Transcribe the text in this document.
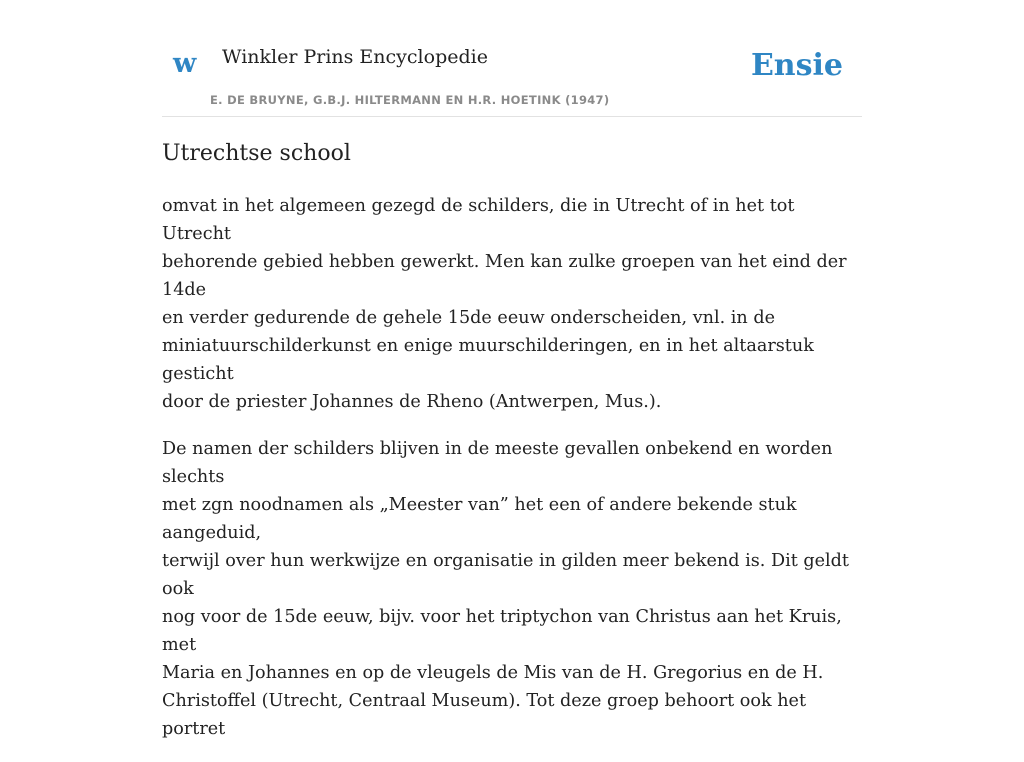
w Winkler Prins Encyclopedie
E. DE BRUYNE, G.B.J. HILTERMANN EN H.R. HOETINK (1947)
Ensie
Utrechtse school

omvat in het algemeen gezegd de schilders, die in Utrecht of in het tot Utrecht
behorende gebied hebben gewerkt. Men kan zulke groepen van het eind der 14de
en verder gedurende de gehele 15de eeuw onderscheiden, vnl. in de
miniatuurschilderkunst en enige muurschilderingen, en in het altaarstuk gesticht
door de priester Johannes de Rheno (Antwerpen, Mus.).

De namen der schilders blijven in de meeste gevallen onbekend en worden slechts
met zgn noodnamen als „Meester van” het een of andere bekende stuk aangeduid,
terwijl over hun werkwijze en organisatie in gilden meer bekend is. Dit geldt ook
nog voor de 15de eeuw, bijv. voor het triptychon van Christus aan het Kruis, met
Maria en Johannes en op de vleugels de Mis van de H. Gregorius en de H.
Christoffel (Utrecht, Centraal Museum). Tot deze groep behoort ook het portret
